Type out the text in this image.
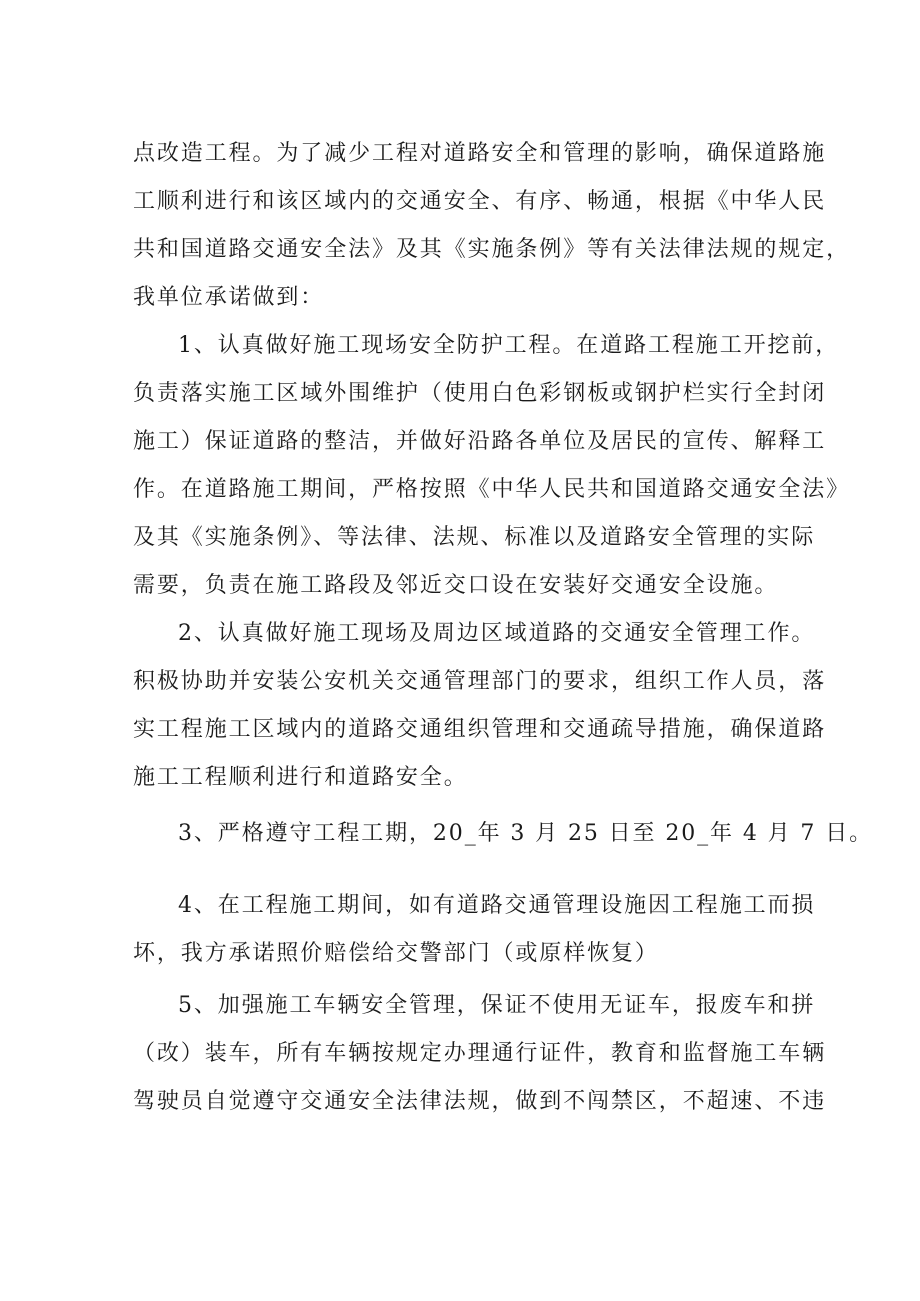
点改造工程。为了减少工程对道路安全和管理的影响，确保道路施
工顺利进行和该区域内的交通安全、有序、畅通，根据《中华人民
共和国道路交通安全法》及其《实施条例》等有关法律法规的规定，
我单位承诺做到：
1、认真做好施工现场安全防护工程。在道路工程施工开挖前，
负责落实施工区域外围维护（使用白色彩钢板或钢护栏实行全封闭
施工）保证道路的整洁，并做好沿路各单位及居民的宣传、解释工
作。在道路施工期间，严格按照《中华人民共和国道路交通安全法》
及其《实施条例》、等法律、法规、标准以及道路安全管理的实际
需要，负责在施工路段及邻近交口设在安装好交通安全设施。
2、认真做好施工现场及周边区域道路的交通安全管理工作。
积极协助并安装公安机关交通管理部门的要求，组织工作人员，落
实工程施工区域内的道路交通组织管理和交通疏导措施，确保道路
施工工程顺利进行和道路安全。
3、严格遵守工程工期，20_年 3 月 25 日至 20_年 4 月 7 日。
4、在工程施工期间，如有道路交通管理设施因工程施工而损
坏，我方承诺照价赔偿给交警部门（或原样恢复）
5、加强施工车辆安全管理，保证不使用无证车，报废车和拼
（改）装车，所有车辆按规定办理通行证件，教育和监督施工车辆
驾驶员自觉遵守交通安全法律法规，做到不闯禁区，不超速、不违
